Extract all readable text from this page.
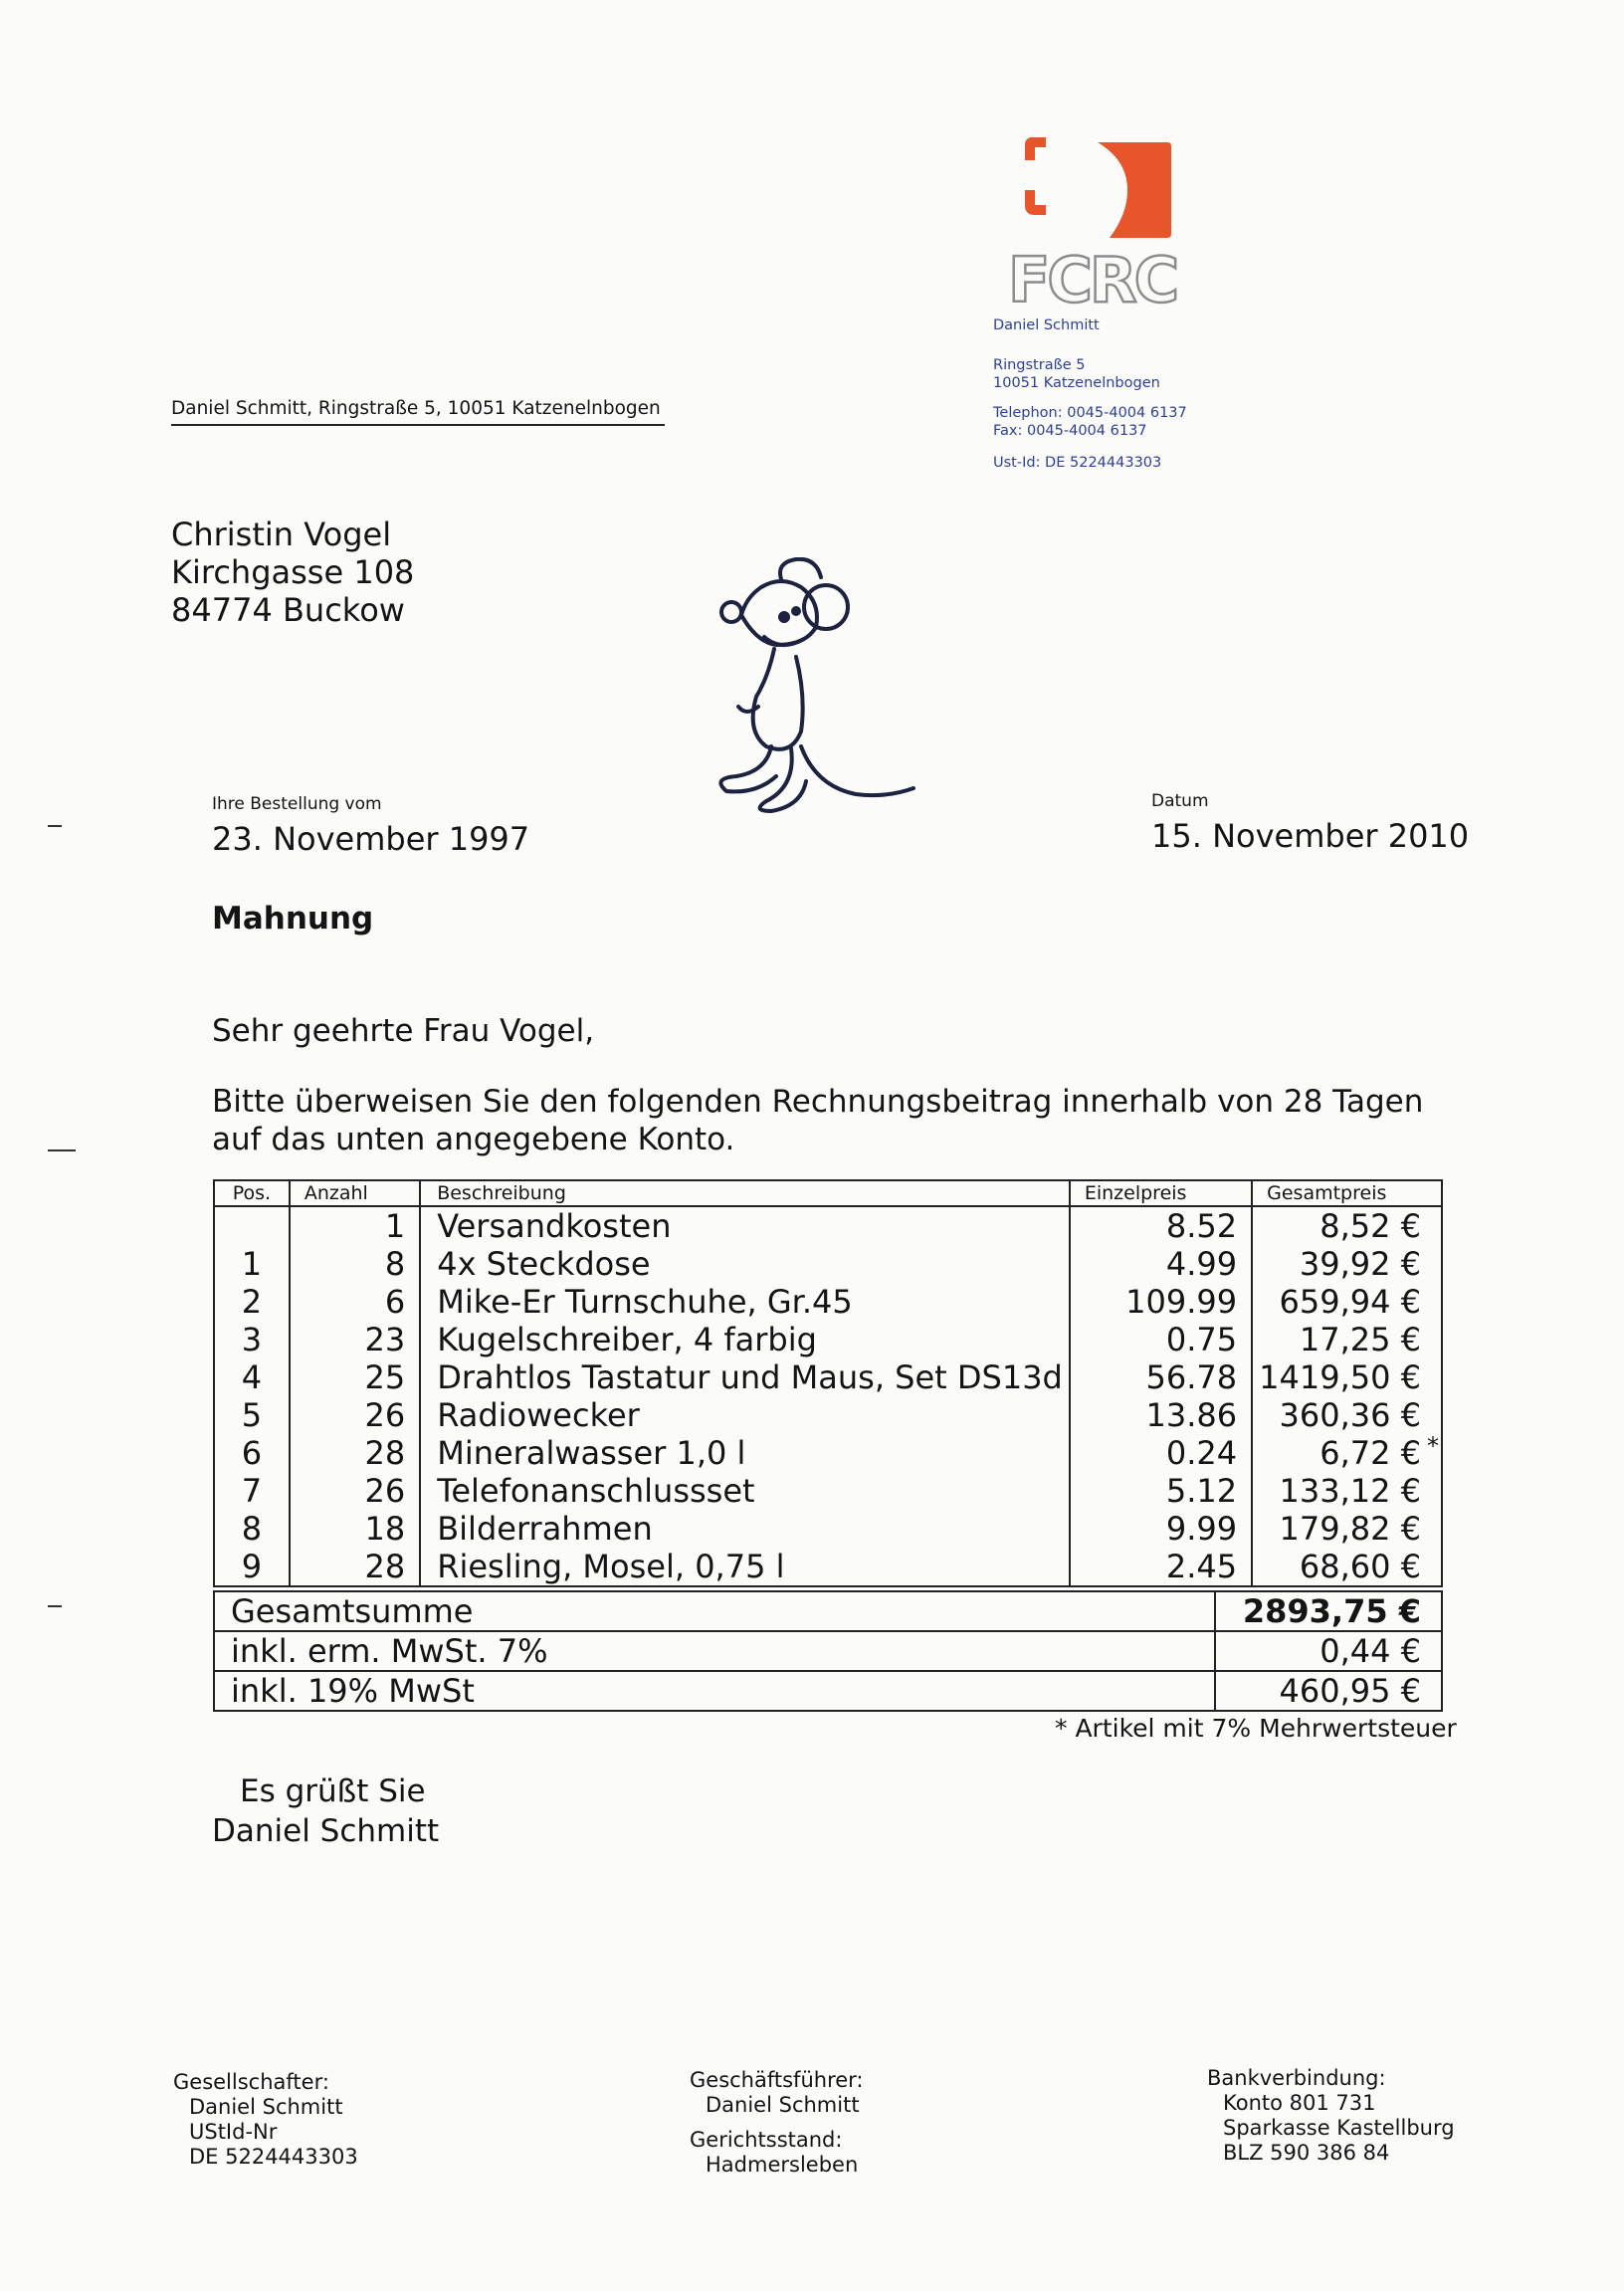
FCRC
Daniel Schmitt
Ringstraße 5
10051 Katzenelnbogen
Telephon: 0045-4004 6137
Fax: 0045-4004 6137
Ust-Id: DE 5224443303
Daniel Schmitt, Ringstraße 5, 10051 Katzenelnbogen
Christin Vogel
Kirchgasse 108
84774 Buckow
Ihre Bestellung vom
23. November 1997
Datum
15. November 2010
Mahnung
Sehr geehrte Frau Vogel,
Bitte überweisen Sie den folgenden Rechnungsbeitrag innerhalb von 28 Tagen
auf das unten angegebene Konto.
Pos.	Anzahl	Beschreibung	Einzelpreis	Gesamtpreis
	1	Versandkosten	8.52	8,52 €

1	8	4x Steckdose	4.99	39,92 €

2	6	Mike-Er Turnschuhe, Gr.45	109.99	659,94 €

3	23	Kugelschreiber, 4 farbig	0.75	17,25 €

4	25	Drahtlos Tastatur und Maus, Set DS13d	56.78	1419,50 €

5	26	Radiowecker	13.86	360,36 €

6	28	Mineralwasser 1,0 l	0.24	6,72 € *

7	26	Telefonanschlussset	5.12	133,12 €

8	18	Bilderrahmen	9.99	179,82 €

9	28	Riesling, Mosel, 0,75 l	2.45	68,60 €
Gesamtsumme	2893,75 €
inkl. erm. MwSt. 7%	0,44 €
inkl. 19% MwSt	460,95 €
* Artikel mit 7% Mehrwertsteuer
Es grüßt Sie
Daniel Schmitt
Gesellschafter:
Daniel Schmitt
UStId-Nr
DE 5224443303
Geschäftsführer:
Daniel Schmitt
Gerichtsstand:
Hadmersleben
Bankverbindung:
Konto 801 731
Sparkasse Kastellburg
BLZ 590 386 84
